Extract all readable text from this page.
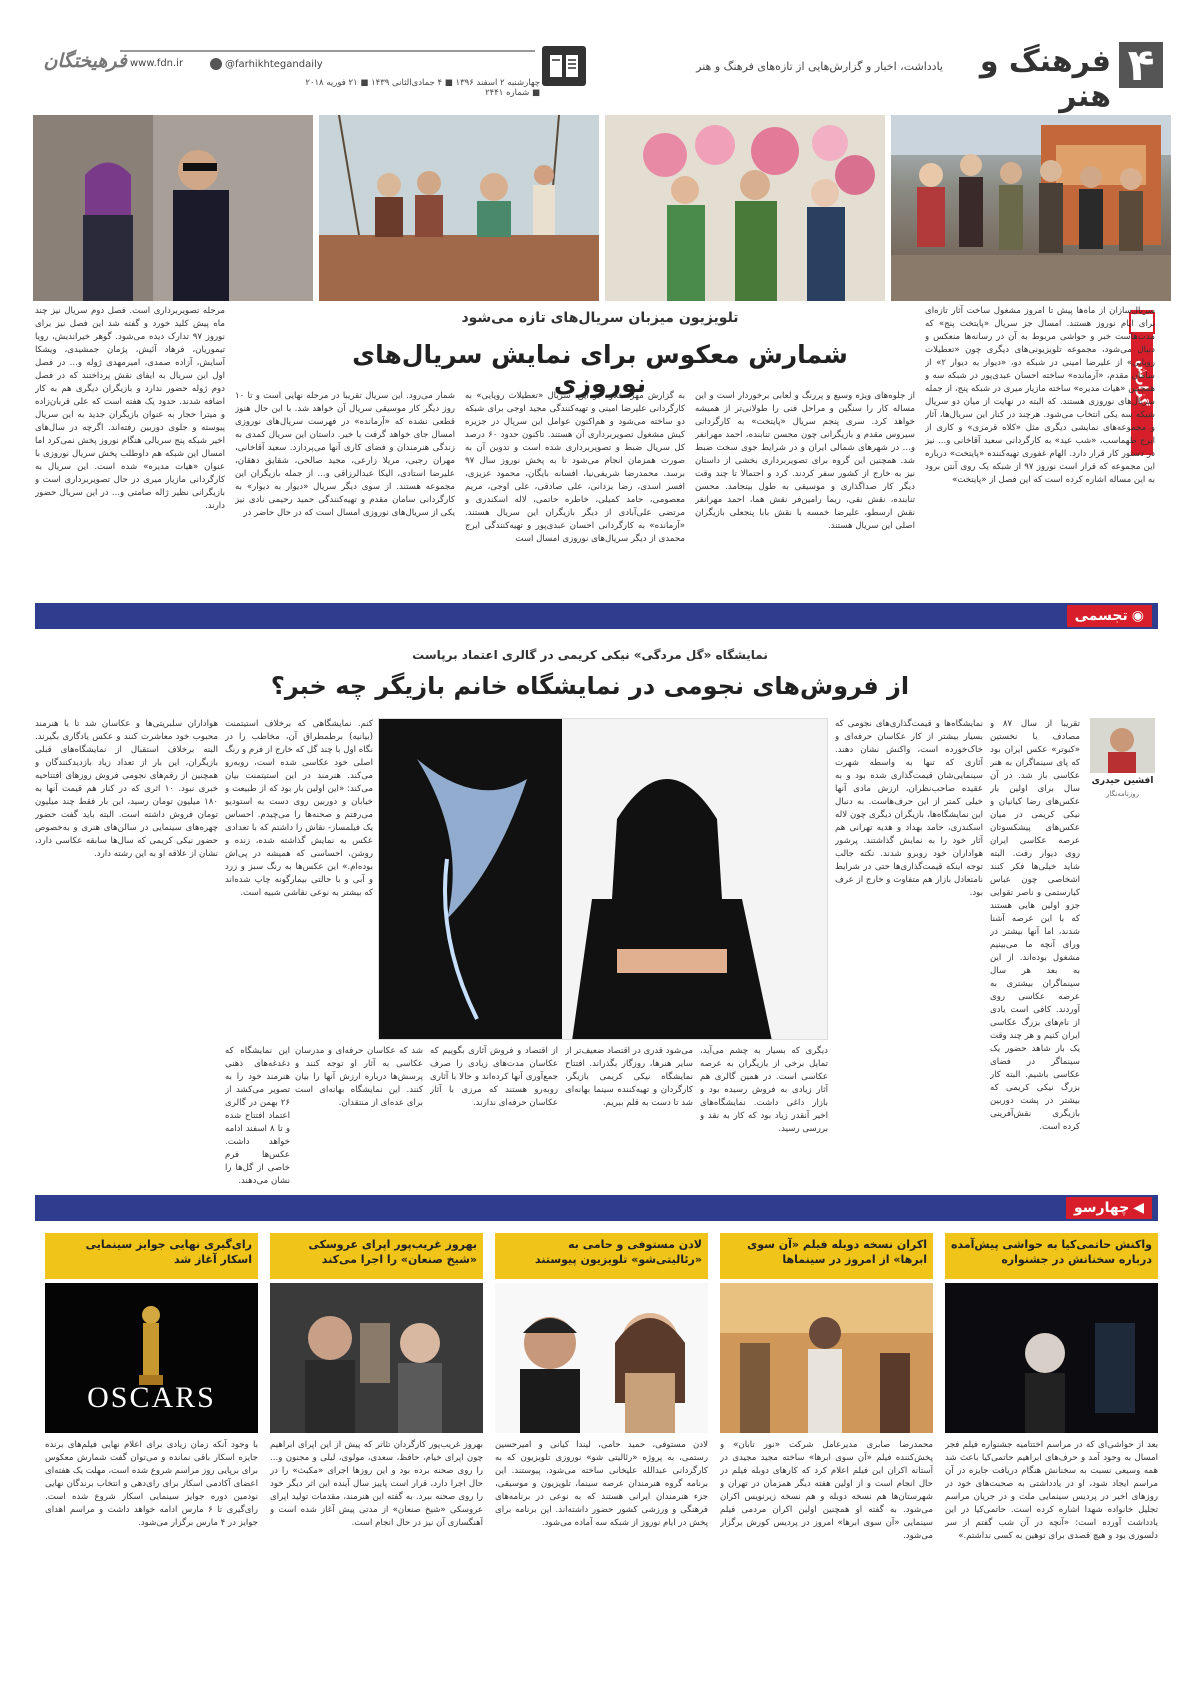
۴
فرهنگ و هنر
یادداشت، اخبار و گزارش‌هایی از تازه‌های فرهنگ و هنر
چهارشنبه ۲ اسفند ۱۳۹۶ ■ ۴ جمادی‌الثانی ۱۴۳۹ ■ ۲۱ فوریه ۲۰۱۸ ■ شماره ۲۴۴۱
@farhikhtegandaily
www.fdn.ir
فرهیختگان
گزارش
تلویزیون میزبان سریال‌های تازه می‌شود
شمارش معکوس برای نمایش سریال‌های نوروزی
سریال‌سازان از ماه‌ها پیش تا امروز مشغول ساخت آثار تازه‌ای برای ایام نوروز هستند. امسال جز سریال «پایتخت پنج» که مدت‌هاست خبر و حواشی مربوط به آن در رسانه‌ها منعکس و دنبال می‌شود، مجموعه تلویزیونی‌های دیگری چون «تعطیلات رویایی» از علیرضا امینی در شبکه دو، «دیوار به دیوار ۲» از سامان مقدم، «آرمانده» ساخته احسان عبدی‌پور در شبکه سه و همچنین «هیات مدیره» ساخته مازیار میری در شبکه پنج، از جمله سریال‌های نوروزی هستند. که البته در نهایت از میان دو سریال شبکه سه یکی انتخاب می‌شود. هرچند در کنار این سریال‌ها، آثار و مجموعه‌های نمایشی دیگری مثل «کلاه قرمزی» و کاری از ایرج طهماسب، «شب عید» به کارگردانی سعید آقاخانی و... نیز در دستور کار قرار دارد. الهام غفوری تهیه‌کننده «پایتخت» درباره این مجموعه که قرار است نوروز ۹۷ از شبکه یک روی آنتن برود به این مساله اشاره کرده است که این فصل از «پایتخت»
از جلوه‌های ویژه وسیع و پررنگ و لعابی برخوردار است و این مساله کار را سنگین و مراحل فنی را طولانی‌تر از همیشه خواهد کرد. سری پنجم سریال «پایتخت» به کارگردانی سیروس مقدم و بازیگرانی چون محسن تنابنده، احمد مهرانفر و... در شهرهای شمالی ایران و در شرایط جوی سخت ضبط شد. همچنین این گروه برای تصویربرداری بخشی از داستان نیز به خارج از کشور سفر کردند. کرد و احتمالا تا چند وقت دیگر کار صداگذاری و موسیقی به طول بینجامد. محسن تنابنده، نقش نقی، ریما رامین‌فر نقش هما، احمد مهرانفر نقش ارسطو، علیرضا خمسه با نقش بابا پنجعلی بازیگران اصلی این سریال هستند.
به گزارش مهر، علاوه بر این، سریال «تعطیلات رویایی» به کارگردانی علیرضا امینی و تهیه‌کنندگی مجید اوجی برای شبکه دو ساخته می‌شود و هم‌اکنون عوامل این سریال در جزیره کیش مشغول تصویربرداری آن هستند. تاکنون حدود ۶۰ درصد کل سریال ضبط و تصویربرداری شده است و تدوین آن به صورت همزمان انجام می‌شود تا به پخش نوروز سال ۹۷ برسد. محمدرضا شریفی‌نیا، افسانه بایگان، محمود عزیزی، افسر اسدی، رضا یزدانی، علی صادقی، علی اوجی، مریم معصومی، حامد کمیلی، خاطره حاتمی، لاله اسکندری و مرتضی علی‌آبادی از دیگر بازیگران این سریال هستند. «آرمانده» به کارگردانی احسان عبدی‌پور و تهیه‌کنندگی ایرج محمدی از دیگر سریال‌های نوروزی امسال است
شمار می‌رود. این سریال تقریبا در مرحله نهایی است و تا ۱۰ روز دیگر کار موسیقی سریال آن خواهد شد. با این حال هنوز قطعی نشده که «آرمانده» در فهرست سریال‌های نوروزی امسال جای خواهد گرفت یا خیر. داستان این سریال کمدی به زندگی هنرمندان و فضای کاری آنها می‌پردازد. سعید آقاخانی، مهران رجبی، مریلا زارعی، مجید صالحی، شقایق دهقان، علیرضا استادی، الیکا عبدالرزاقی و... از جمله بازیگران این مجموعه هستند. از سوی دیگر سریال «دیوار به دیوار» به کارگردانی سامان مقدم و تهیه‌کنندگی حمید رحیمی نادی نیز یکی از سریال‌های نوروزی امسال است که در حال حاضر در
مرحله تصویربرداری است. فصل دوم سریال نیز چند ماه پیش کلید خورد و گفته شد این فصل نیز برای نوروز ۹۷ تدارک دیده می‌شود. گوهر خیراندیش، رویا تیموریان، فرهاد آئیش، پژمان جمشیدی، ویشکا آسایش، آزاده صمدی، امیرمهدی ژوله و... در فصل اول این سریال به ایفای نقش پرداختند که در فصل دوم ژوله حضور ندارد و بازیگران دیگری هم به کار اضافه شدند. حدود یک هفته است که علی قربان‌زاده و میترا حجار به عنوان بازیگران جدید به این سریال پیوسته و جلوی دوربین رفته‌اند. اگرچه در سال‌های اخیر شبکه پنج سریالی هنگام نوروز پخش نمی‌کرد اما امسال این شبکه هم داوطلب پخش سریال نوروزی با عنوان «هیات مدیره» شده است. این سریال به کارگردانی مازیار میری در حال تصویربرداری است و بازیگرانی نظیر ژاله صامتی و... در این سریال حضور دارند.
◉
تجسمی
نمایشگاه «گل مردگی» نیکی کریمی در گالری اعتماد برپاست
از فروش‌های نجومی در نمایشگاه خانم بازیگر چه خبر؟
افشین حیدری
روزنامه‌نگار
تقریبا از سال ۸۷ و مصادف با نخستین «کبوتر» عکس ایران بود که پای سینماگران به هنر عکاسی باز شد. در آن سال برای اولین بار عکس‌های رضا کیانیان و نیکی کریمی در میان عکس‌های پیشکسوتان عرصه عکاسی ایران روی دیوار رفت. البته شاید خیلی‌ها فکر کنند اشخاصی چون عباس کیارستمی و ناصر تقوایی جزو اولین هایی هستند که با این عرصه آشنا شدند، اما آنها بیشتر در ورای آنچه ما می‌بینیم مشغول بوده‌اند. از این به بعد هر سال سینماگران بیشتری به عرصه عکاسی روی آوردند. کافی است یادی از نام‌های بزرگ عکاسی ایران کنیم و هر چند وقت یک بار شاهد حضور یک سینماگر در فضای عکاسی باشیم. البته کار بزرگ نیکی کریمی که بیشتر در پشت دوربین بازیگری نقش‌آفرینی کرده است.
نمایشگاه‌ها و قیمت‌گذاری‌های نجومی که بسیار بیشتر از کار عکاسان حرفه‌ای و خاک‌خورده است، واکنش نشان دهند. آثاری که تنها به واسطه شهرت سینمایی‌شان قیمت‌گذاری شده بود و به عقیده صاحب‌نظران، ارزش مادی آنها خیلی کمتر از این حرف‌هاست. به دنبال این نمایشگاه‌ها، بازیگران دیگری چون لاله اسکندری، حامد بهداد و هدیه تهرانی هم آثار خود را به نمایش گذاشتند. پرشور هواداران خود روبرو شدند. نکته جالب توجه اینکه قیمت‌گذاری‌ها حتی در شرایط نامتعادل بازار هم متفاوت و خارج از عرف بود.
کنم. نمایشگاهی که برخلاف استیتمنت (بیانیه) برطمطراق آن، مخاطب را در نگاه اول با چند گل که خارج از فرم و رنگ اصلی خود عکاسی شده است، روبه‌رو می‌کند. هنرمند در این استیتمنت بیان می‌کند: «این اولین بار بود که از طبیعت و خیابان و دوربین روی دست به استودیو می‌رفتم و صحنه‌ها را می‌چیدم. احساس یک فیلمساز- نقاش را داشتم که با تعدادی عکس به نمایش گذاشته شده، زنده و روشن، احساسی که همیشه در پی‌اش بوده‌ام.» این عکس‌ها به رنگ سبز و زرد و آبی و با حالتی بیمارگونه چاپ شده‌اند که بیشتر به نوعی نقاشی شبیه است.
هواداران سلبریتی‌ها و عکاسان شد تا با هنرمند محبوب خود معاشرت کنند و عکس یادگاری بگیرند. البته برخلاف استقبال از نمایشگاه‌های قبلی بازیگران، این بار از تعداد زیاد بازدیدکنندگان و همچنین از رقم‌های نجومی فروش روزهای افتتاحیه خبری نبود. ۱۰ اثری که در کنار هم قیمت آنها به ۱۸۰ میلیون تومان رسید، این بار فقط چند میلیون تومان فروش داشته است. البته باید گفت حضور چهره‌های سینمایی در سالن‌های هنری و به‌خصوص حضور نیکی کریمی که سال‌ها سابقه عکاسی دارد، نشان از علاقه او به این رشته دارد.
دیگری که بسیار به چشم می‌آید، تمایل برخی از بازیگران به عرصه عکاسی است. در همین گالری هم آثار زیادی به فروش رسیده بود و بازار داغی داشت. نمایشگاه‌های اخیر آنقدر زیاد بود که کار به نقد و بررسی رسید.
می‌شود قدری در اقتصاد ضعیف‌تر از سایر هنرها، روزگار بگذراند. افتتاح نمایشگاه نیکی کریمی بازیگر، کارگردان و تهیه‌کننده سینما بهانه‌ای شد تا دست به قلم ببریم.
از اقتصاد و فروش آثاری بگوییم که عکاسان مدت‌های زیادی را صرف جمع‌آوری آنها کرده‌اند و حالا با آثاری روبه‌رو هستند که مرزی با آثار عکاسان حرفه‌ای ندارند.
شد که عکاسان حرفه‌ای و مدرسان عکاسی به آثار او توجه کنند و پرسش‌ها درباره ارزش آنها را بیان کنند. این نمایشگاه بهانه‌ای است برای عده‌ای از منتقدان.
این نمایشگاه که دغدغه‌های ذهنی هنرمند خود را به تصویر می‌کشد از ۲۶ بهمن در گالری اعتماد افتتاح شده و تا ۸ اسفند ادامه خواهد داشت. عکس‌ها فرم خاصی از گل‌ها را نشان می‌دهند.
◀
چهارسو
واکنش حاتمی‌کیا به حواشی پیش‌آمده درباره سخنانش در جشنواره
بعد از حواشی‌ای که در مراسم اختتامیه جشنواره فیلم فجر امسال به وجود آمد و حرف‌های ابراهیم حاتمی‌کیا باعث شد همه وسیعی نسبت به سخنانش هنگام دریافت جایزه در آن مراسم ایجاد شود، او در یادداشتی به صحبت‌های خود در روزهای اخیر در پردیس سینمایی ملت و در جریان مراسم تجلیل خانواده شهدا اشاره کرده است. حاتمی‌کیا در این یادداشت آورده است: «آنچه در آن شب گفتم از سر دلسوزی بود و هیچ قصدی برای توهین به کسی نداشتم.»
اکران نسخه دوبله فیلم «آن سوی ابرها» از امروز در سینماها
محمدرضا صابری مدیرعامل شرکت «نور تابان» و پخش‌کننده فیلم «آن سوی ابرها» ساخته مجید مجیدی در آستانه اکران این فیلم اعلام کرد که کارهای دوبله فیلم در حال انجام است و از اولین هفته دیگر همزمان در تهران و شهرستان‌ها هم نسخه دوبله و هم نسخه زیرنویس اکران می‌شود. به گفته او همچنین اولین اکران مردمی فیلم سینمایی «آن سوی ابرها» امروز در پردیس کورش برگزار می‌شود.
لادن مستوفی و حامی به «رئالیتی‌شو» تلویزیون پیوستند
لادن مستوفی، حمید حامی، لیندا کیانی و امیرحسین رستمی، به پروژه «رئالیتی شو» نوروزی تلویزیون که به کارگردانی عبدالله علیخانی ساخته می‌شود، پیوستند. این برنامه گروه هنرمندان عرصه سینما، تلویزیون و موسیقی، جزء هنرمندان ایرانی هستند که به نوعی در برنامه‌های فرهنگی و ورزشی کشور حضور داشته‌اند. این برنامه برای پخش در ایام نوروز از شبکه سه آماده می‌شود.
بهروز غریب‌پور اپرای عروسکی «شیخ صنعان» را اجرا می‌کند
بهروز غریب‌پور کارگردان تئاتر که پیش از این اپرای ابراهیم چون اپرای خیام، حافظ، سعدی، مولوی، لیلی و مجنون و... را روی صحنه برده بود و این روزها اجرای «مکبث» را در حال اجرا دارد، قرار است پاییز سال آینده این اثر دیگر خود را روی صحنه ببرد. به گفته این هنرمند، مقدمات تولید اپرای عروسکی «شیخ صنعان» از مدتی پیش آغاز شده است و آهنگسازی آن نیز در حال انجام است.
رای‌گیری نهایی جوایز سینمایی اسکار آغاز شد
OSCARS
با وجود آنکه زمان زیادی برای اعلام نهایی فیلم‌های برنده جایزه اسکار باقی نمانده و می‌توان گفت شمارش معکوس برای برپایی روز مراسم شروع شده است، مهلت یک هفته‌ای اعضای آکادمی اسکار برای رای‌دهی و انتخاب برندگان نهایی نودمین دوره جوایز سینمایی اسکار شروع شده است. رای‌گیری تا ۶ مارس ادامه خواهد داشت و مراسم اهدای جوایز در ۴ مارس برگزار می‌شود.
